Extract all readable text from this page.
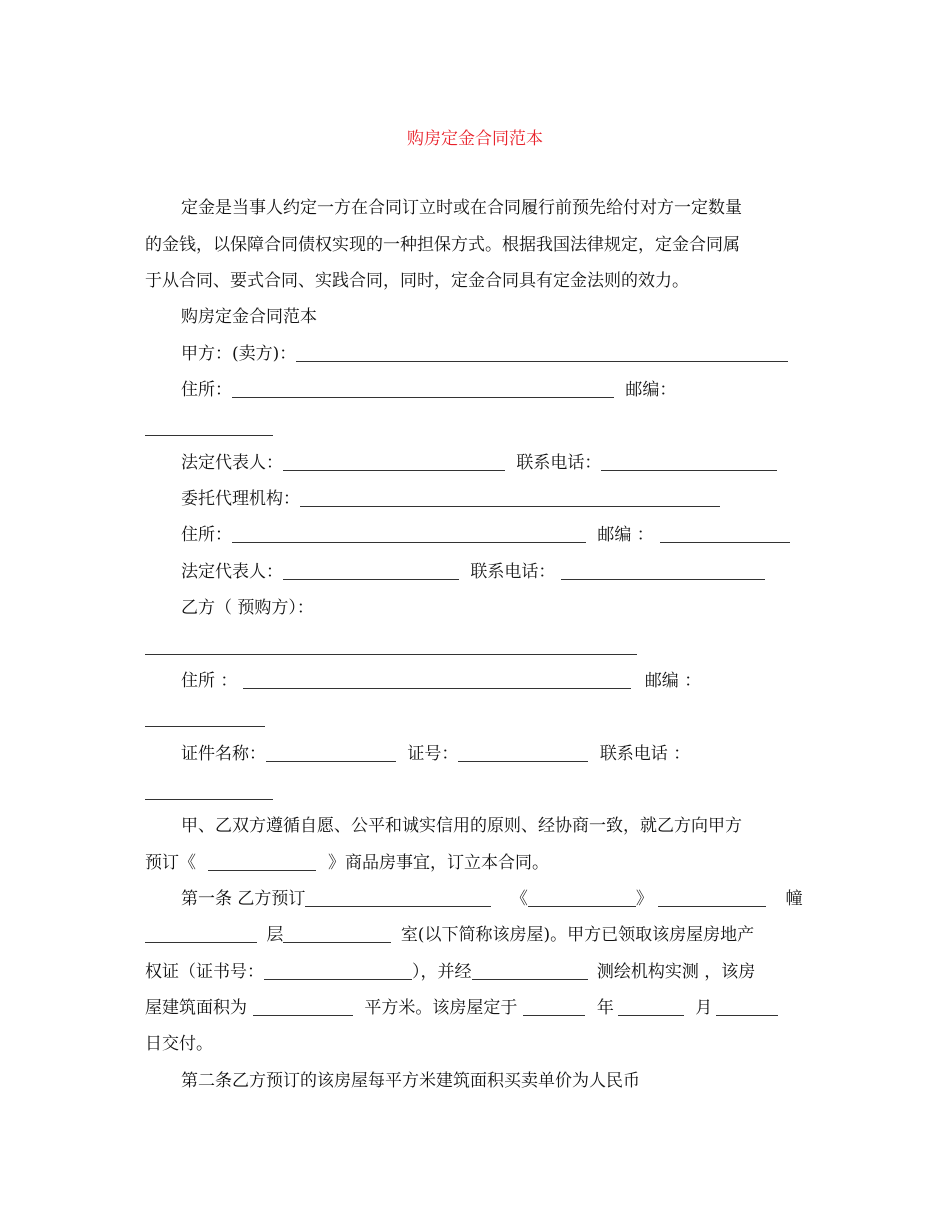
购房定金合同范本
定金是当事人约定一方在合同订立时或在合同履行前预先给付对方一定数量
的金钱，以保障合同债权实现的一种担保方式。根据我国法律规定，定金合同属
于从合同、要式合同、实践合同，同时，定金合同具有定金法则的效力。
购房定金合同范本
甲方：(卖方)：
住所：	邮编：
法定代表人：	联系电话：
委托代理机构：
住所：	邮编 ：
法定代表人：	联系电话：
乙方（ 预购方）：
住所 ：	邮编 ：
证件名称：	证号：	联系电话 ：
甲、乙双方遵循自愿、公平和诚实信用的原则、经协商一致，就乙方向甲方
预订《	》商品房事宜，订立本合同。
第一条 乙方预订	《	》	幢
层	室(以下简称该房屋)。甲方已领取该房屋房地产
权证（证书号：	），并经	测绘机构实测 ，该房
屋建筑面积为	平方米。该房屋定于	年	月
日交付。
第二条乙方预订的该房屋每平方米建筑面积买卖单价为人民币
